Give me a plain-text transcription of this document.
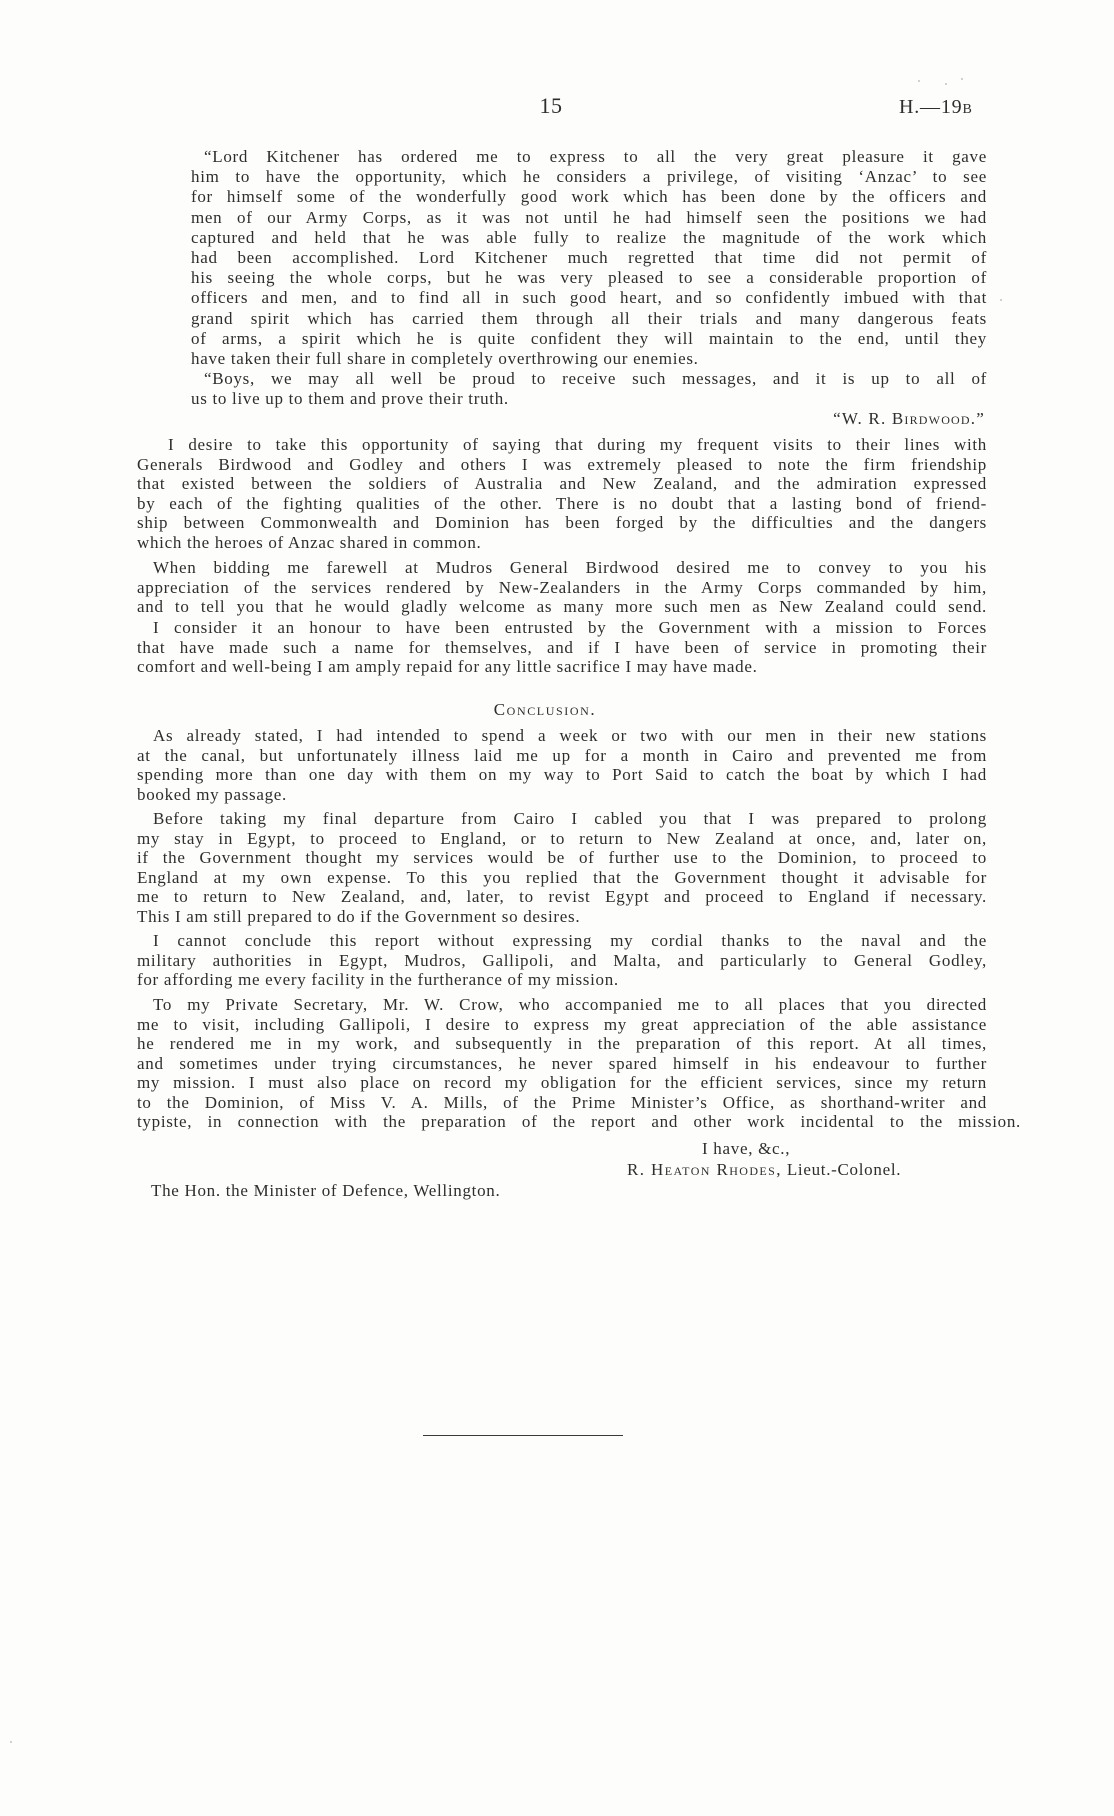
15	H.—19B
“Lord Kitchener has ordered me to express to all the very great pleasure it gave
him to have the opportunity, which he considers a privilege, of visiting ‘Anzac’ to see
for himself some of the wonderfully good work which has been done by the officers and
men of our Army Corps, as it was not until he had himself seen the positions we had
captured and held that he was able fully to realize the magnitude of the work which
had been accomplished. Lord Kitchener much regretted that time did not permit of
his seeing the whole corps, but he was very pleased to see a considerable proportion of
officers and men, and to find all in such good heart, and so confidently imbued with that
grand spirit which has carried them through all their trials and many dangerous feats
of arms, a spirit which he is quite confident they will maintain to the end, until they
have taken their full share in completely overthrowing our enemies.
“Boys, we may all well be proud to receive such messages, and it is up to all of
us to live up to them and prove their truth.
“W. R. Birdwood.”
I desire to take this opportunity of saying that during my frequent visits to their lines with
Generals Birdwood and Godley and others I was extremely pleased to note the firm friendship
that existed between the soldiers of Australia and New Zealand, and the admiration expressed
by each of the fighting qualities of the other. There is no doubt that a lasting bond of friend-
ship between Commonwealth and Dominion has been forged by the difficulties and the dangers
which the heroes of Anzac shared in common.
When bidding me farewell at Mudros General Birdwood desired me to convey to you his
appreciation of the services rendered by New-Zealanders in the Army Corps commanded by him,
and to tell you that he would gladly welcome as many more such men as New Zealand could send.
I consider it an honour to have been entrusted by the Government with a mission to Forces
that have made such a name for themselves, and if I have been of service in promoting their
comfort and well-being I am amply repaid for any little sacrifice I may have made.
Conclusion.
As already stated, I had intended to spend a week or two with our men in their new stations
at the canal, but unfortunately illness laid me up for a month in Cairo and prevented me from
spending more than one day with them on my way to Port Said to catch the boat by which I had
booked my passage.
Before taking my final departure from Cairo I cabled you that I was prepared to prolong
my stay in Egypt, to proceed to England, or to return to New Zealand at once, and, later on,
if the Government thought my services would be of further use to the Dominion, to proceed to
England at my own expense. To this you replied that the Government thought it advisable for
me to return to New Zealand, and, later, to revist Egypt and proceed to England if necessary.
This I am still prepared to do if the Government so desires.
I cannot conclude this report without expressing my cordial thanks to the naval and the
military authorities in Egypt, Mudros, Gallipoli, and Malta, and particularly to General Godley,
for affording me every facility in the furtherance of my mission.
To my Private Secretary, Mr. W. Crow, who accompanied me to all places that you directed
me to visit, including Gallipoli, I desire to express my great appreciation of the able assistance
he rendered me in my work, and subsequently in the preparation of this report. At all times,
and sometimes under trying circumstances, he never spared himself in his endeavour to further
my mission. I must also place on record my obligation for the efficient services, since my return
to the Dominion, of Miss V. A. Mills, of the Prime Minister’s Office, as shorthand-writer and
typiste, in connection with the preparation of the report and other work incidental to the mission.
I have, &c.,
R. Heaton Rhodes, Lieut.-Colonel.
The Hon. the Minister of Defence, Wellington.
